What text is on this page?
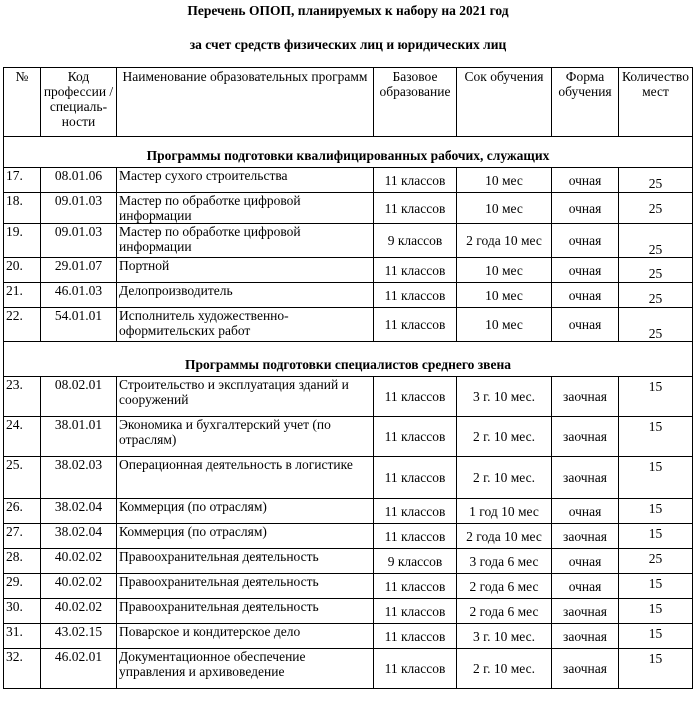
Перечень ОПОП, планируемых к набору на 2021 год
за счет средств физических лиц и юридических лиц
№	Код профессии /специаль-ности	Наименование образовательных программ	Базовое образование	Сок обучения	Форма обучения	Количество мест
Программы подготовки квалифицированных рабочих, служащих						
17.	08.01.06	Мастер сухого строительства	11 классов	10 мес	очная	25
18.	09.01.03	Мастер по обработке цифровой информации	11 классов	10 мес	очная	25
19.	09.01.03	Мастер по обработке цифровой информации	9 классов	2 года 10 мес	очная	25
20.	29.01.07	Портной	11 классов	10 мес	очная	25
21.	46.01.03	Делопроизводитель	11 классов	10 мес	очная	25
22.	54.01.01	Исполнитель художественно-оформительских работ	11 классов	10 мес	очная	25
Программы подготовки специалистов среднего звена						
23.	08.02.01	Строительство и эксплуатация зданий и сооружений	11 классов	3 г. 10 мес.	заочная	15
24.	38.01.01	Экономика и бухгалтерский учет (по отраслям)	11 классов	2 г. 10 мес.	заочная	15
25.	38.02.03	Операционная деятельность в логистике	11 классов	2 г. 10 мес.	заочная	15
26.	38.02.04	Коммерция (по отраслям)	11 классов	1 год 10 мес	очная	15
27.	38.02.04	Коммерция (по отраслям)	11 классов	2 года 10 мес	заочная	15
28.	40.02.02	Правоохранительная деятельность	9 классов	3 года 6 мес	очная	25
29.	40.02.02	Правоохранительная деятельность	11 классов	2 года 6 мес	очная	15
30.	40.02.02	Правоохранительная деятельность	11 классов	2 года 6 мес	заочная	15
31.	43.02.15	Поварское и кондитерское дело	11 классов	3 г. 10 мес.	заочная	15
32.	46.02.01	Документационное обеспечение управления и архивоведение	11 классов	2 г. 10 мес.	заочная	15
